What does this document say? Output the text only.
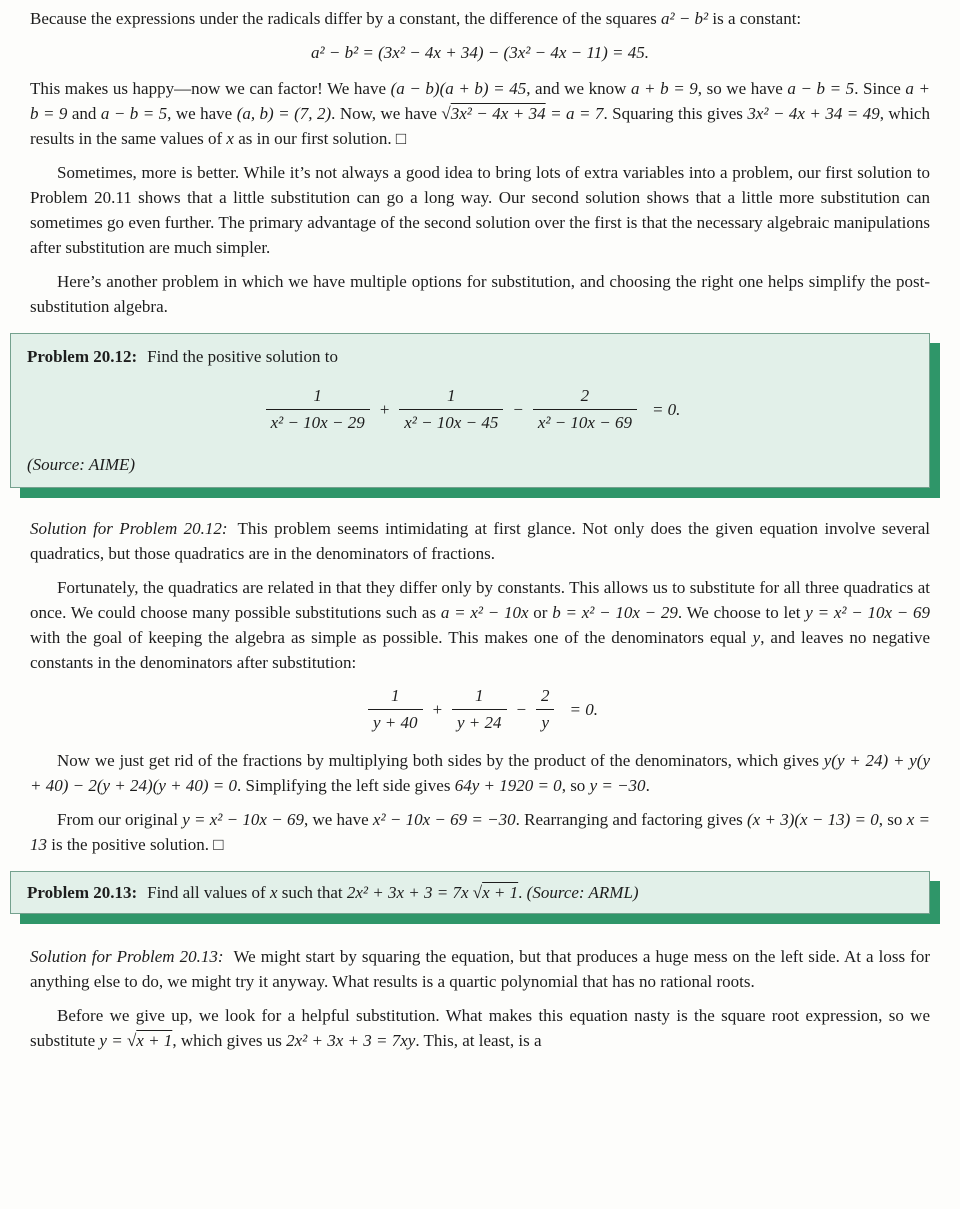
Because the expressions under the radicals differ by a constant, the difference of the squares a² − b² is a constant:

a² − b² = (3x² − 4x + 34) − (3x² − 4x − 11) = 45.

This makes us happy—now we can factor! We have (a − b)(a + b) = 45, and we know a + b = 9, so we have a − b = 5. Since a + b = 9 and a − b = 5, we have (a, b) = (7, 2). Now, we have √3x² − 4x + 34 = a = 7. Squaring this gives 3x² − 4x + 34 = 49, which results in the same values of x as in our first solution. □

Sometimes, more is better. While it’s not always a good idea to bring lots of extra variables into a problem, our first solution to Problem 20.11 shows that a little substitution can go a long way. Our second solution shows that a little more substitution can sometimes go even further. The primary advantage of the second solution over the first is that the necessary algebraic manipulations after substitution are much simpler.

Here’s another problem in which we have multiple options for substitution, and choosing the right one helps simplify the post-substitution algebra.

Problem 20.12: Find the positive solution to

$\frac{1}{\text{x² − 10x − 29}} + \frac{1}{\text{x² − 10x − 45}} - \frac{2}{\text{x² − 10x − 69}} = 0$.

(Source: AIME)

Solution for Problem 20.12: This problem seems intimidating at first glance. Not only does the given equation involve several quadratics, but those quadratics are in the denominators of fractions.

Fortunately, the quadratics are related in that they differ only by constants. This allows us to substitute for all three quadratics at once. We could choose many possible substitutions such as a = x² − 10x or b = x² − 10x − 29. We choose to let y = x² − 10x − 69 with the goal of keeping the algebra as simple as possible. This makes one of the denominators equal y, and leaves no negative constants in the denominators after substitution:

$\frac{1}{y + 40} + \frac{1}{y + 24} - \frac{2}{y} = 0$.

Now we just get rid of the fractions by multiplying both sides by the product of the denominators, which gives y(y + 24) + y(y + 40) − 2(y + 24)(y + 40) = 0. Simplifying the left side gives 64y + 1920 = 0, so y = −30.

From our original y = x² − 10x − 69, we have x² − 10x − 69 = −30. Rearranging and factoring gives (x + 3)(x − 13) = 0, so x = 13 is the positive solution. □

Problem 20.13: Find all values of x such that 2x² + 3x + 3 = 7x √x + 1. (Source: ARML)

Solution for Problem 20.13: We might start by squaring the equation, but that produces a huge mess on the left side. At a loss for anything else to do, we might try it anyway. What results is a quartic polynomial that has no rational roots.

Before we give up, we look for a helpful substitution. What makes this equation nasty is the square root expression, so we substitute y = √x + 1, which gives us 2x² + 3x + 3 = 7xy. This, at least, is a
